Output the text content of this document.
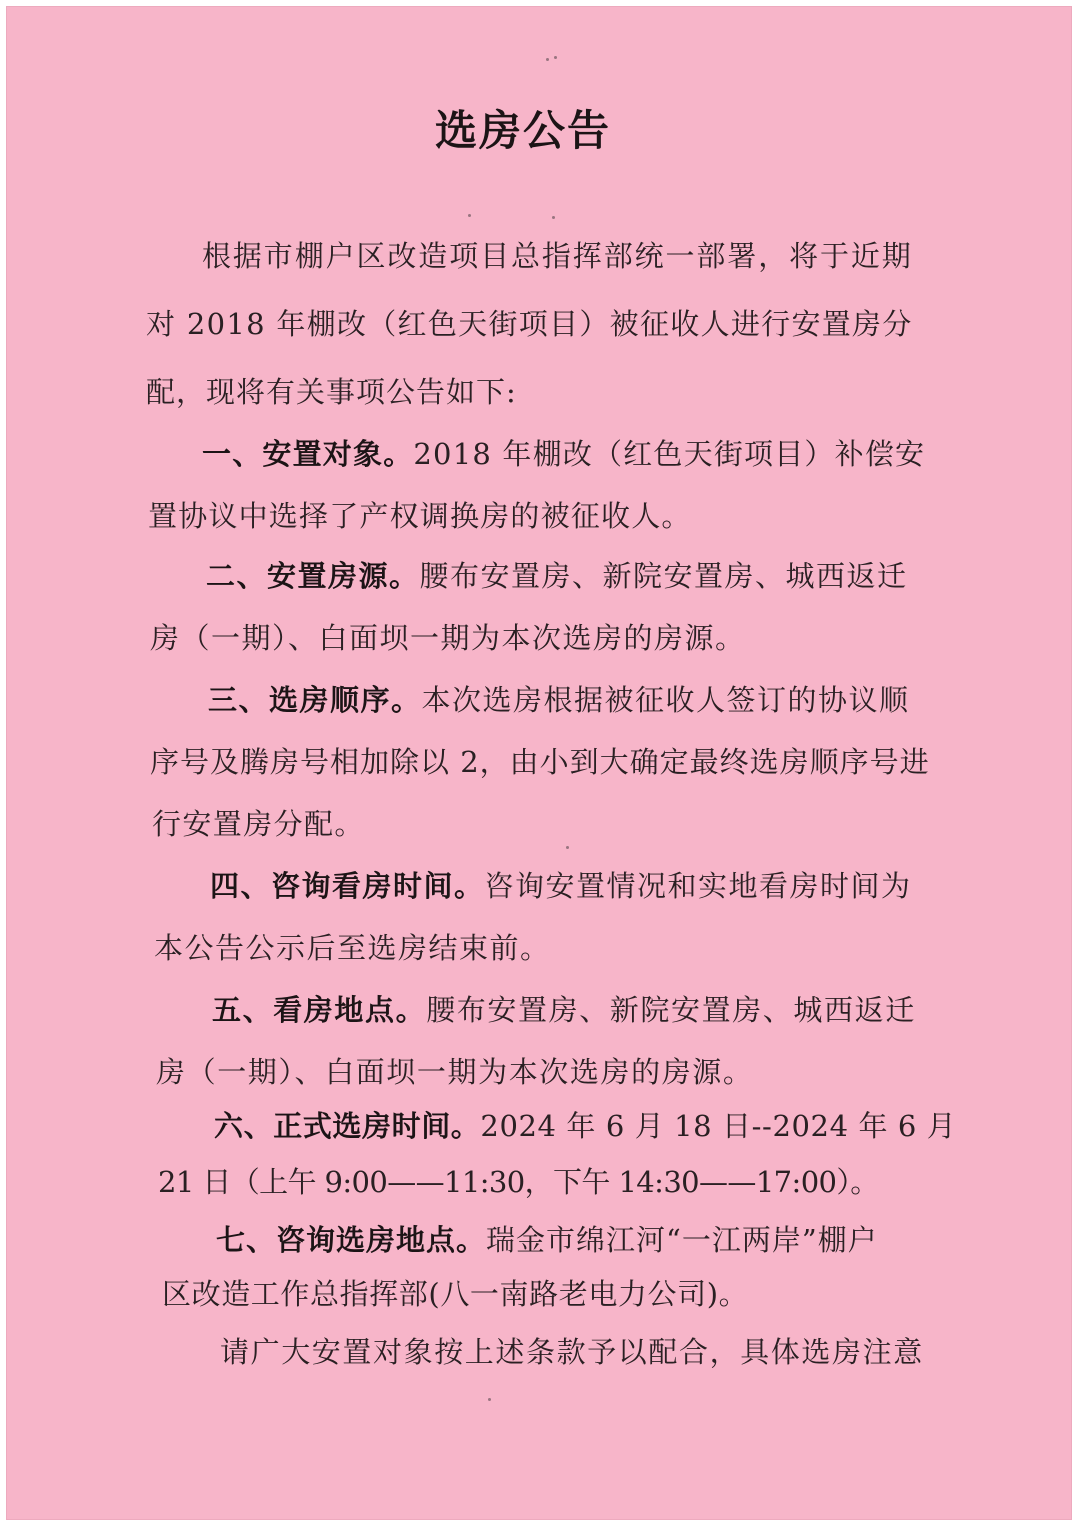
选房公告
根据市棚户区改造项目总指挥部统一部署，将于近期
对 2018 年棚改（红色天街项目）被征收人进行安置房分
配，现将有关事项公告如下:
一、安置对象。2018 年棚改（红色天街项目）补偿安
置协议中选择了产权调换房的被征收人。
二、安置房源。腰布安置房、新院安置房、城西返迁
房（一期）、白面坝一期为本次选房的房源。
三、选房顺序。本次选房根据被征收人签订的协议顺
序号及腾房号相加除以 2，由小到大确定最终选房顺序号进
行安置房分配。
四、咨询看房时间。咨询安置情况和实地看房时间为
本公告公示后至选房结束前。
五、看房地点。腰布安置房、新院安置房、城西返迁
房（一期）、白面坝一期为本次选房的房源。
六、正式选房时间。2024 年 6 月 18 日--2024 年 6 月
21 日（上午 9:00——11:30，下午 14:30——17:00）。
七、咨询选房地点。瑞金市绵江河“一江两岸”棚户
区改造工作总指挥部(八一南路老电力公司)。
请广大安置对象按上述条款予以配合，具体选房注意
